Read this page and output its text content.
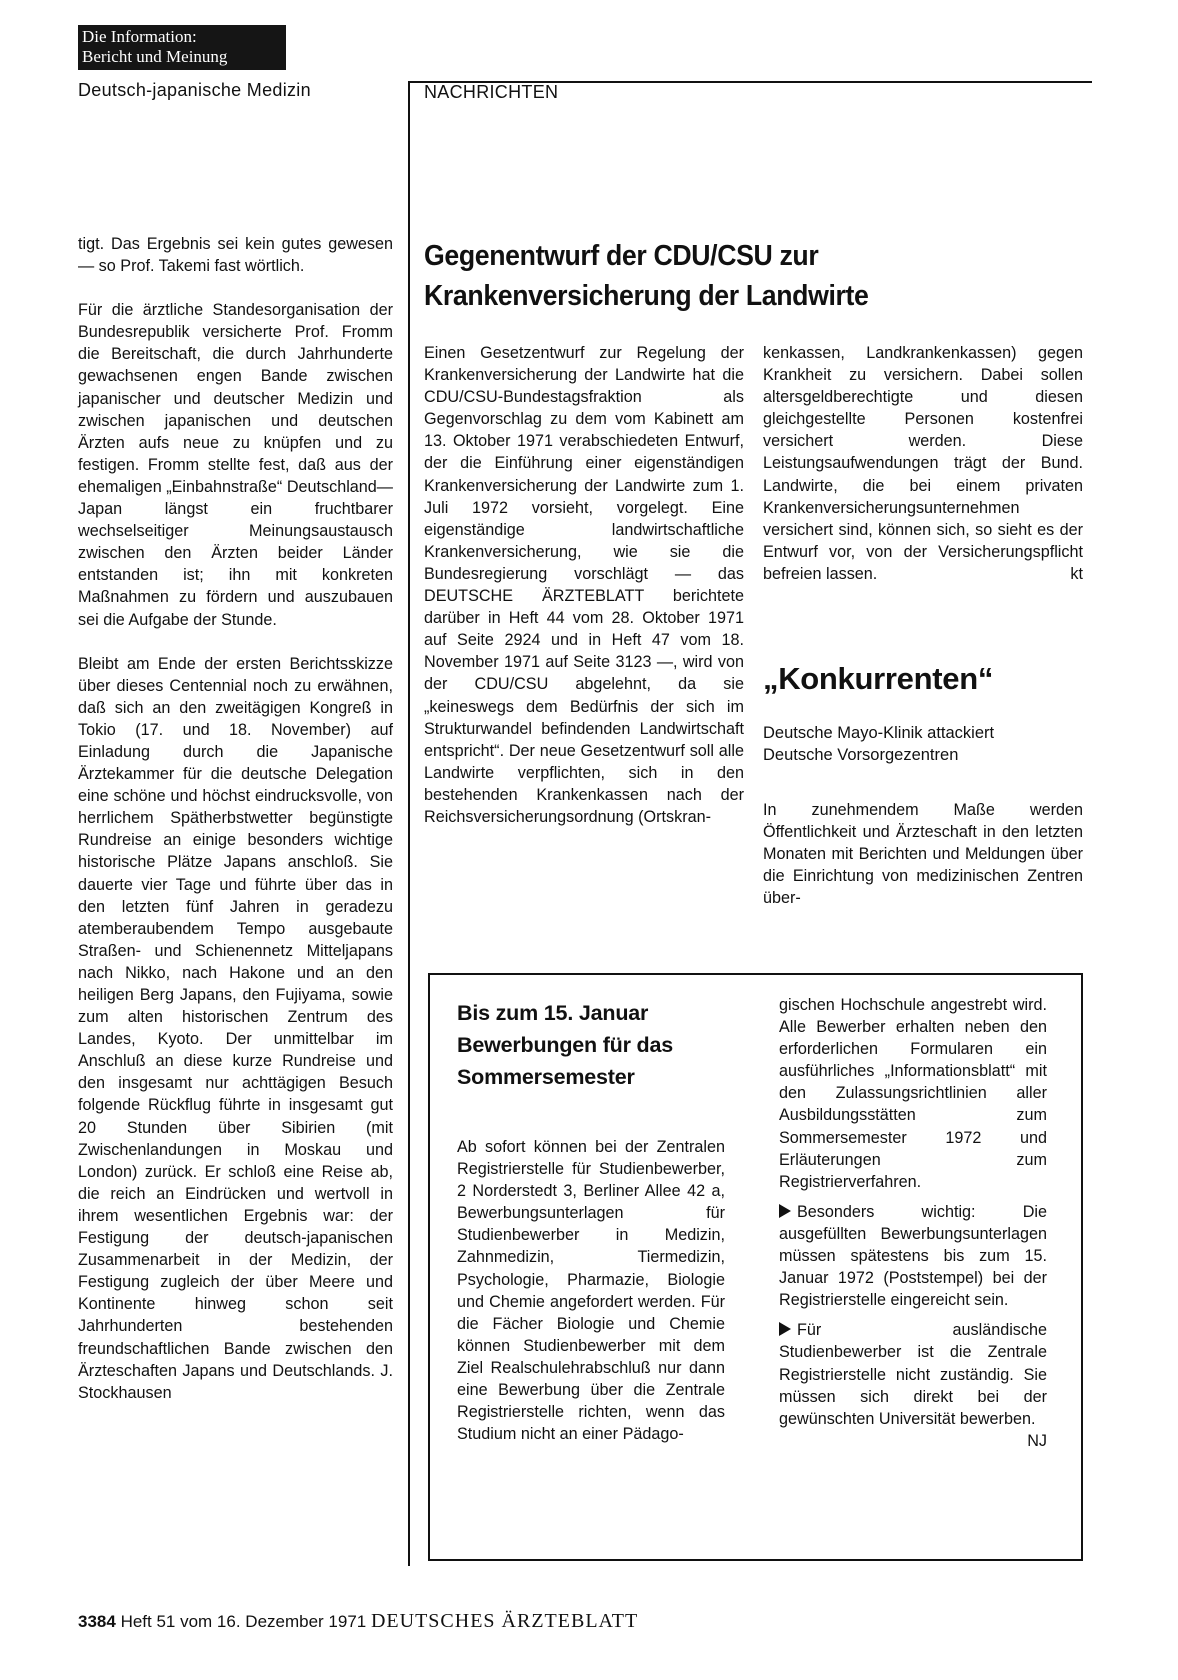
Die Information:
Bericht und Meinung
Deutsch-japanische Medizin	NACHRICHTEN

tigt. Das Ergebnis sei kein gutes gewesen — so Prof. Takemi fast wörtlich.

Für die ärztliche Standesorganisation der Bundesrepublik versicherte Prof. Fromm die Bereitschaft, die durch Jahrhunderte gewachsenen engen Bande zwischen japanischer und deutscher Medizin und zwischen japanischen und deutschen Ärzten aufs neue zu knüpfen und zu festigen. Fromm stellte fest, daß aus der ehemaligen „Einbahnstraße“ Deutschland—Japan längst ein fruchtbarer wechselseitiger Meinungsaustausch zwischen den Ärzten beider Länder entstanden ist; ihn mit konkreten Maßnahmen zu fördern und auszubauen sei die Aufgabe der Stunde.

Bleibt am Ende der ersten Berichtsskizze über dieses Centennial noch zu erwähnen, daß sich an den zweitägigen Kongreß in Tokio (17. und 18. November) auf Einladung durch die Japanische Ärztekammer für die deutsche Delegation eine schöne und höchst eindrucksvolle, von herrlichem Spätherbstwetter begünstigte Rundreise an einige besonders wichtige historische Plätze Japans anschloß. Sie dauerte vier Tage und führte über das in den letzten fünf Jahren in geradezu atemberaubendem Tempo ausgebaute Straßen- und Schienennetz Mitteljapans nach Nikko, nach Hakone und an den heiligen Berg Japans, den Fujiyama, sowie zum alten historischen Zentrum des Landes, Kyoto. Der unmittelbar im Anschluß an diese kurze Rundreise und den insgesamt nur achttägigen Besuch folgende Rückflug führte in insgesamt gut 20 Stunden über Sibirien (mit Zwischenlandungen in Moskau und London) zurück. Er schloß eine Reise ab, die reich an Eindrücken und wertvoll in ihrem wesentlichen Ergebnis war: der Festigung der deutsch-japanischen Zusammenarbeit in der Medizin, der Festigung zugleich der über Meere und Kontinente hinweg schon seit Jahrhunderten bestehenden freundschaftlichen Bande zwischen den Ärzteschaften Japans und Deutschlands. J. Stockhausen

Gegenentwurf der CDU/CSU zur
Krankenversicherung der Landwirte

Einen Gesetzentwurf zur Regelung der Krankenversicherung der Landwirte hat die CDU/CSU-Bundestagsfraktion als Gegenvorschlag zu dem vom Kabinett am 13. Oktober 1971 verabschiedeten Entwurf, der die Einführung einer eigenständigen Krankenversicherung der Landwirte zum 1. Juli 1972 vorsieht, vorgelegt. Eine eigenständige landwirtschaftliche Krankenversicherung, wie sie die Bundesregierung vorschlägt — das DEUTSCHE ÄRZTEBLATT berichtete darüber in Heft 44 vom 28. Oktober 1971 auf Seite 2924 und in Heft 47 vom 18. November 1971 auf Seite 3123 —, wird von der CDU/CSU abgelehnt, da sie „keineswegs dem Bedürfnis der sich im Strukturwandel befindenden Landwirtschaft entspricht“. Der neue Gesetzentwurf soll alle Landwirte verpflichten, sich in den bestehenden Krankenkassen nach der Reichsversicherungsordnung (Ortskran-

kenkassen, Landkrankenkassen) gegen Krankheit zu versichern. Dabei sollen altersgeldberechtigte und diesen gleichgestellte Personen kostenfrei versichert werden. Diese Leistungsaufwendungen trägt der Bund. Landwirte, die bei einem privaten Krankenversicherungsunternehmen versichert sind, können sich, so sieht es der Entwurf vor, von der Versicherungspflicht befreien lassen.	kt

„Konkurrenten“
Deutsche Mayo-Klinik attackiert
Deutsche Vorsorgezentren

In zunehmendem Maße werden Öffentlichkeit und Ärzteschaft in den letzten Monaten mit Berichten und Meldungen über die Einrichtung von medizinischen Zentren über-

Bis zum 15. Januar
Bewerbungen für das
Sommersemester

Ab sofort können bei der Zentralen Registrierstelle für Studienbewerber, 2 Norderstedt 3, Berliner Allee 42 a, Bewerbungsunterlagen für Studienbewerber in Medizin, Zahnmedizin, Tiermedizin, Psychologie, Pharmazie, Biologie und Chemie angefordert werden. Für die Fächer Biologie und Chemie können Studienbewerber mit dem Ziel Realschulehrabschluß nur dann eine Bewerbung über die Zentrale Registrierstelle richten, wenn das Studium nicht an einer Pädago-

gischen Hochschule angestrebt wird. Alle Bewerber erhalten neben den erforderlichen Formularen ein ausführliches „Informationsblatt“ mit den Zulassungsrichtlinien aller Ausbildungsstätten zum Sommersemester 1972 und Erläuterungen zum Registrierverfahren.

Besonders wichtig: Die ausgefüllten Bewerbungsunterlagen müssen spätestens bis zum 15. Januar 1972 (Poststempel) bei der Registrierstelle eingereicht sein.

Für ausländische Studienbewerber ist die Zentrale Registrierstelle nicht zuständig. Sie müssen sich direkt bei der gewünschten Universität bewerben.
NJ

3384 Heft 51 vom 16. Dezember 1971 DEUTSCHES ÄRZTEBLATT
